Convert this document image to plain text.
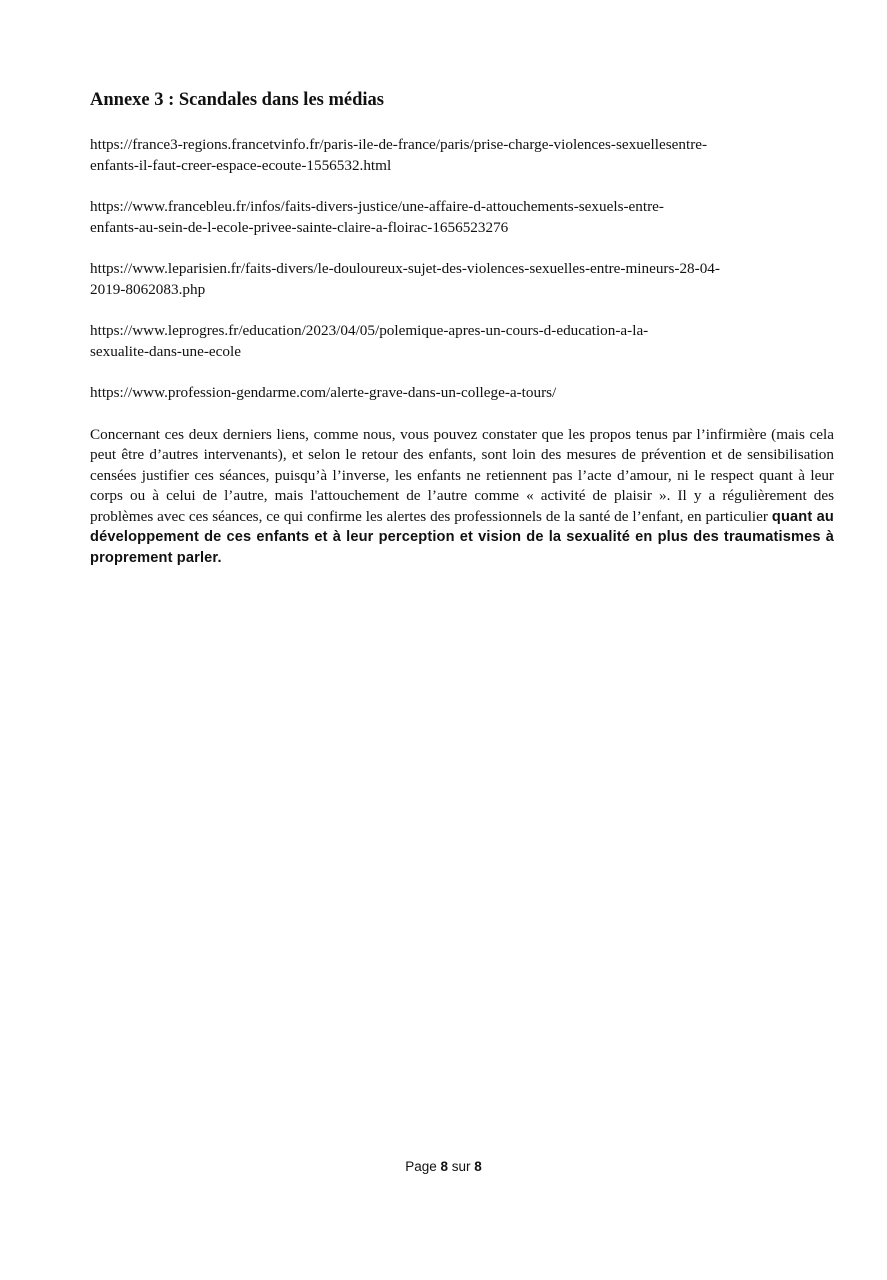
Annexe 3 : Scandales dans les médias
https://france3-regions.francetvinfo.fr/paris-ile-de-france/paris/prise-charge-violences-sexuellesentre-
enfants-il-faut-creer-espace-ecoute-1556532.html
https://www.francebleu.fr/infos/faits-divers-justice/une-affaire-d-attouchements-sexuels-entre-
enfants-au-sein-de-l-ecole-privee-sainte-claire-a-floirac-1656523276
https://www.leparisien.fr/faits-divers/le-douloureux-sujet-des-violences-sexuelles-entre-mineurs-28-04-
2019-8062083.php
https://www.leprogres.fr/education/2023/04/05/polemique-apres-un-cours-d-education-a-la-
sexualite-dans-une-ecole
https://www.profession-gendarme.com/alerte-grave-dans-un-college-a-tours/

Concernant ces deux derniers liens, comme nous, vous pouvez constater que les propos tenus par l’infirmière (mais cela peut être d’autres intervenants), et selon le retour des enfants, sont loin des mesures de prévention et de sensibilisation censées justifier ces séances, puisqu’à l’inverse, les enfants ne retiennent pas l’acte d’amour, ni le respect quant à leur corps ou à celui de l’autre, mais l'attouchement de l’autre comme « activité de plaisir ». Il y a régulièrement des problèmes avec ces séances, ce qui confirme les alertes des professionnels de la santé de l’enfant, en particulier quant au développement de ces enfants et à leur perception et vision de la sexualité en plus des traumatismes à proprement parler.

Page 8 sur 8
